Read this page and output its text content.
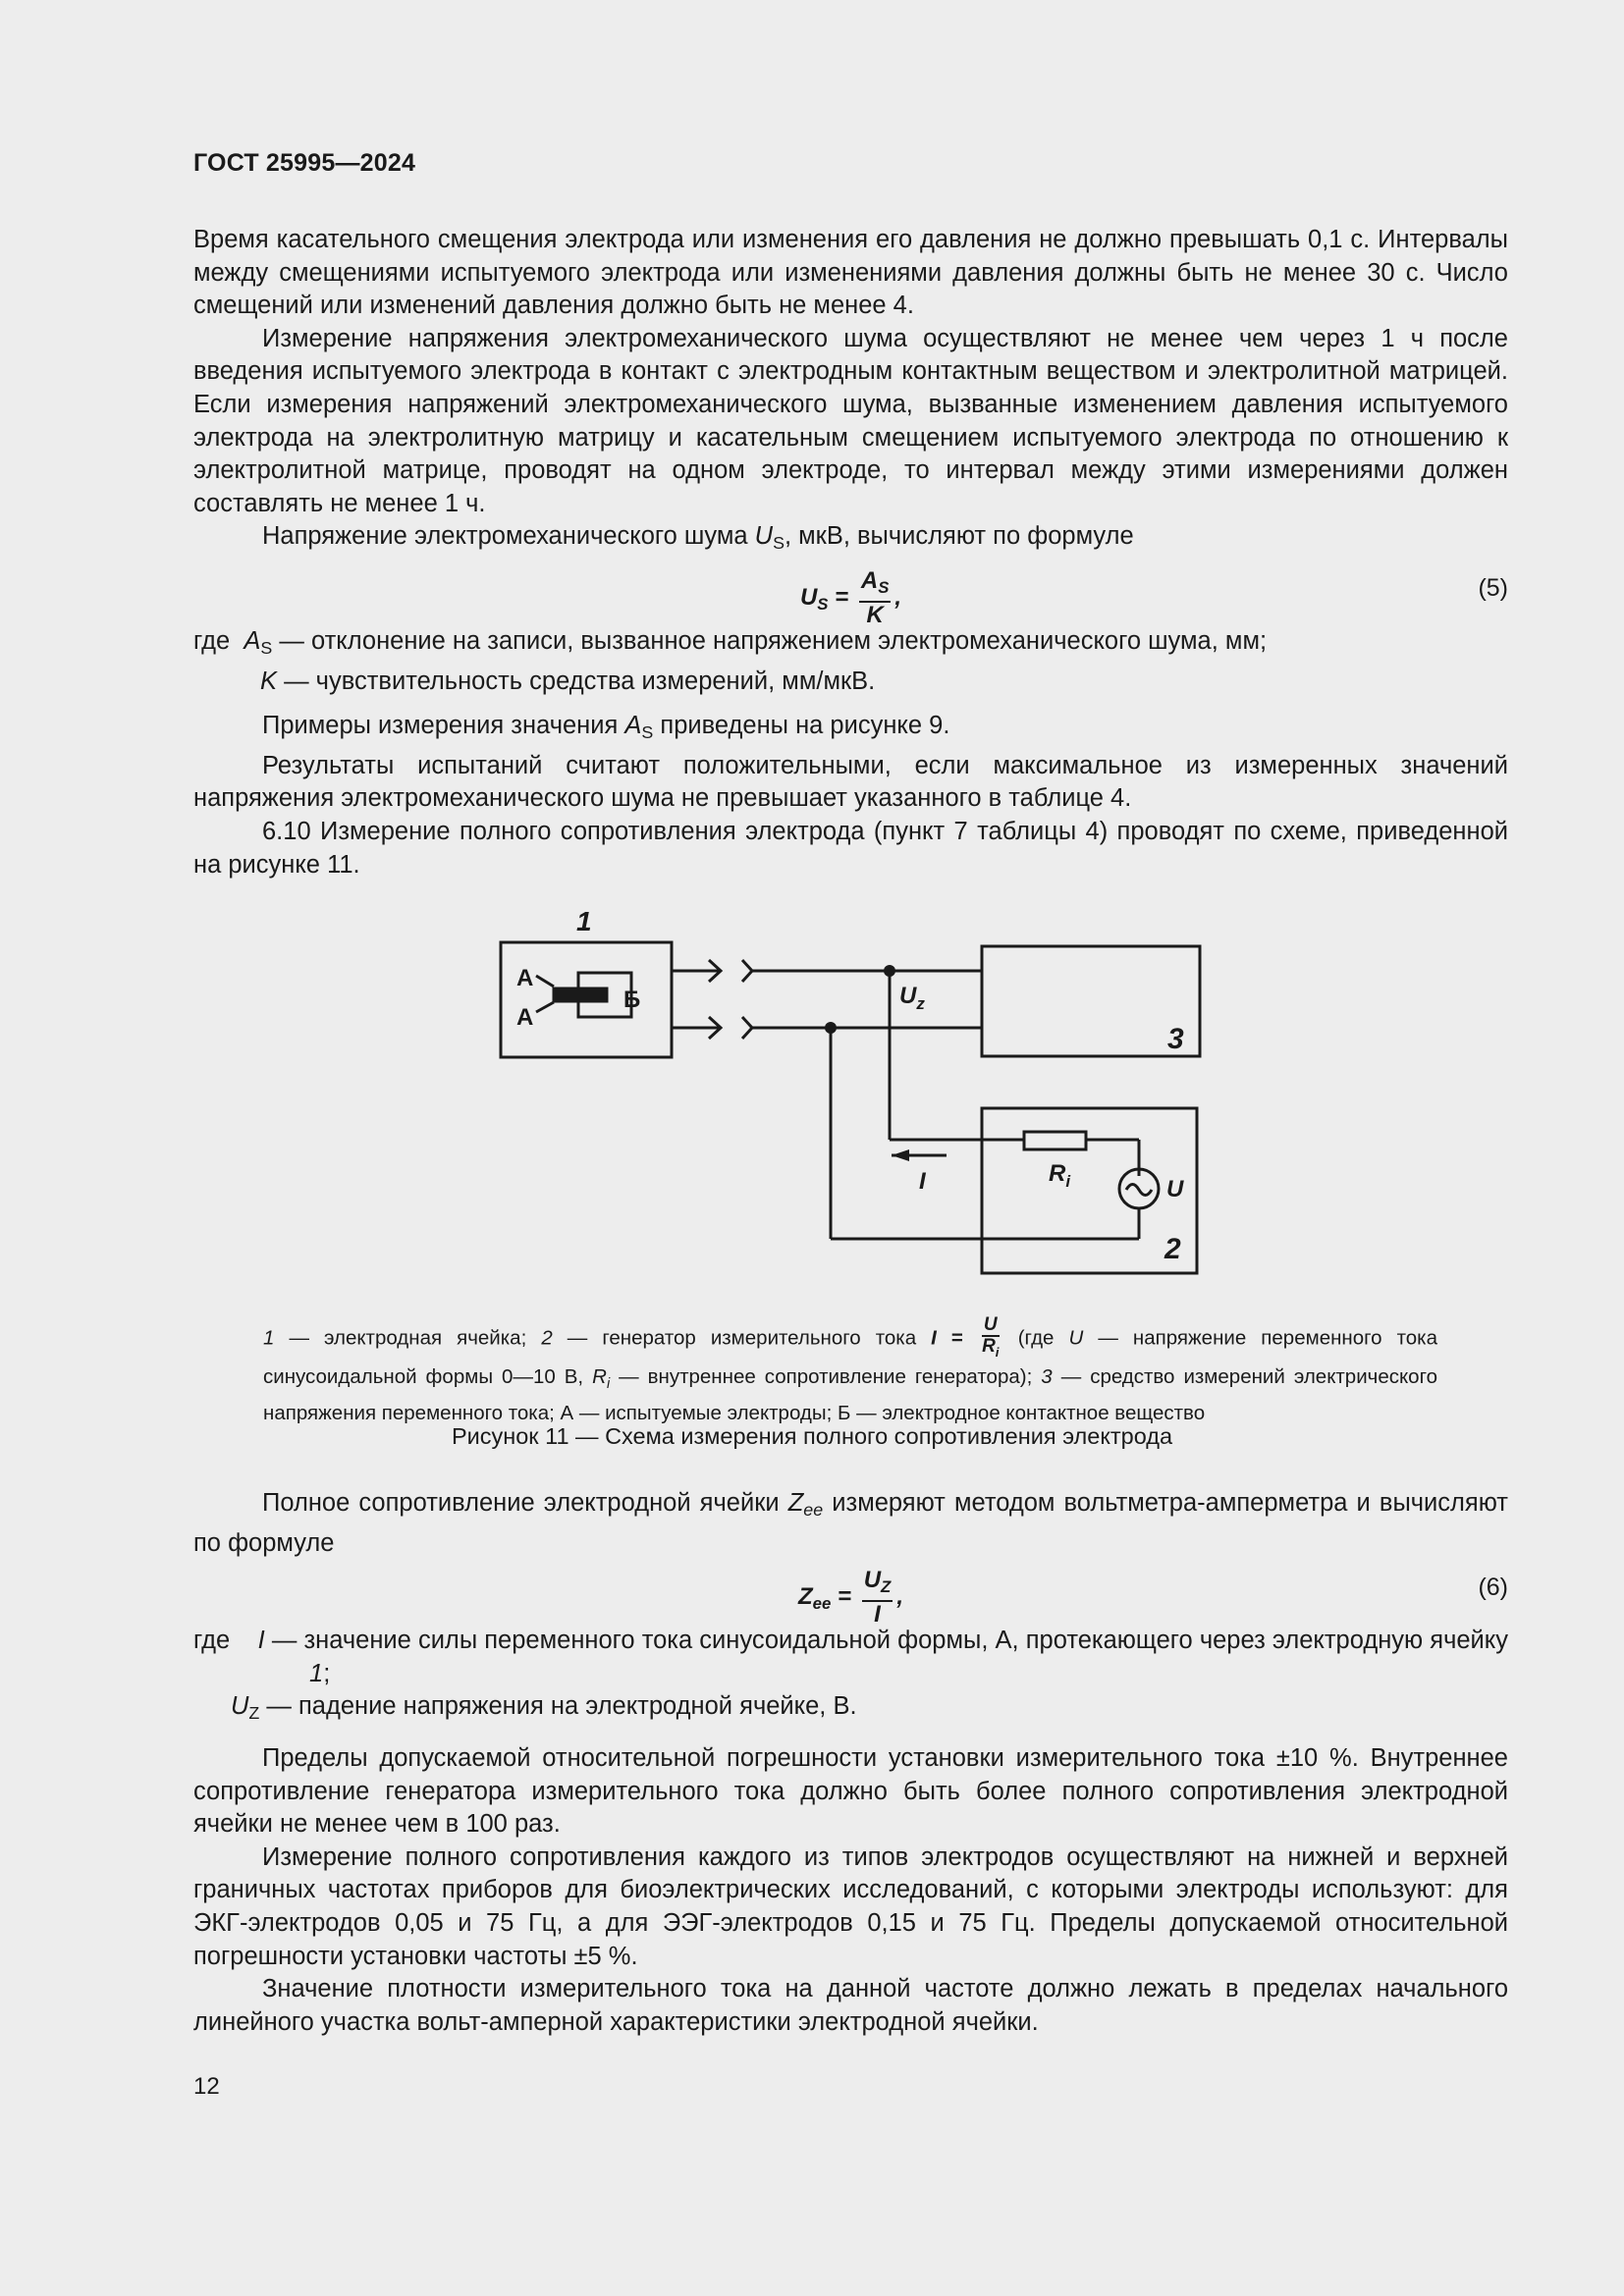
ГОСТ 25995—2024

Время касательного смещения электрода или изменения его давления не должно превышать 0,1 с. Интервалы между смещениями испытуемого электрода или изменениями давления должны быть не менее 30 с. Число смещений или изменений давления должно быть не менее 4.

Измерение напряжения электромеханического шума осуществляют не менее чем через 1 ч после введения испытуемого электрода в контакт с электродным контактным веществом и электролитной матрицей. Если измерения напряжений электромеханического шума, вызванные изменением давления испытуемого электрода на электролитную матрицу и касательным смещением испытуемого электрода по отношению к электролитной матрице, проводят на одном электроде, то интервал между этими измерениями должен составлять не менее 1 ч.

Напряжение электромеханического шума $U_S$, мкВ, вычисляют по формуле

$U_S = \frac{A_S}{K}$ ,	(5)

где $A_S$ — отклонение на записи, вызванное напряжением электромеханического шума, мм;

K — чувствительность средства измерений, мм/мкВ.

Примеры измерения значения $A_S$ приведены на рисунке 9.

Результаты испытаний считают положительными, если максимальное из измеренных значений напряжения электромеханического шума не превышает указанного в таблице 4.

6.10 Измерение полного сопротивления электрода (пункт 7 таблицы 4) проводят по схеме, приведенной на рисунке 11.

1
А
А
Б	$U_z$
3
I	$R_i$	U
2

1 — электродная ячейка; 2 — генератор измерительного тока $I = \frac{U}{R_i} (где$ U — напряжение переменного тока синусоидальной формы 0—10 В, $R_i$ — внутреннее сопротивление генератора); 3 — средство измерений электрического напряжения переменного тока; А — испытуемые электроды; Б — электродное контактное вещество

Рисунок 11 — Схема измерения полного сопротивления электрода

Полное сопротивление электродной ячейки $Z_{ee}$ измеряют методом вольтметра-амперметра и вычисляют по формуле

$Z_{ee} = \frac{U_Z}{I}$ ,	(6)

где I — значение силы переменного тока синусоидальной формы, А, протекающего через электродную ячейку 1;

$U_Z$ — падение напряжения на электродной ячейке, В.

Пределы допускаемой относительной погрешности установки измерительного тока ±10 %. Внутреннее сопротивление генератора измерительного тока должно быть более полного сопротивления электродной ячейки не менее чем в 100 раз.

Измерение полного сопротивления каждого из типов электродов осуществляют на нижней и верхней граничных частотах приборов для биоэлектрических исследований, с которыми электроды используют: для ЭКГ-электродов 0,05 и 75 Гц, а для ЭЭГ-электродов 0,15 и 75 Гц. Пределы допускаемой относительной погрешности установки частоты ±5 %.

Значение плотности измерительного тока на данной частоте должно лежать в пределах начального линейного участка вольт-амперной характеристики электродной ячейки.

12
